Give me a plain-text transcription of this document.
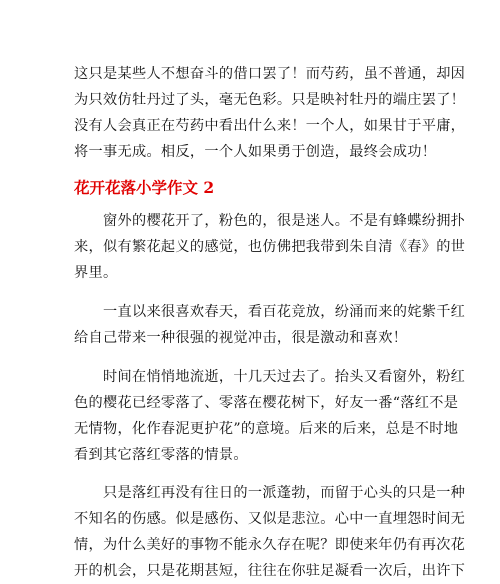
这只是某些人不想奋斗的借口罢了！而芍药，虽不普通，却因
为只效仿牡丹过了头，毫无色彩。只是映衬牡丹的端庄罢了！
没有人会真正在芍药中看出什么来！一个人，如果甘于平庸，
将一事无成。相反，一个人如果勇于创造，最终会成功！

花开花落小学作文 2

　　窗外的樱花开了，粉色的，很是迷人。不是有蜂蝶纷拥扑
来，似有繁花起义的感觉，也仿佛把我带到朱自清《春》的世
界里。

　　一直以来很喜欢春天，看百花竞放，纷涌而来的姹紫千红
给自己带来一种很强的视觉冲击，很是激动和喜欢！

　　时间在悄悄地流逝，十几天过去了。抬头又看窗外，粉红
色的樱花已经零落了、零落在樱花树下，好友一番“落红不是
无情物，化作春泥更护花”的意境。后来的后来，总是不时地
看到其它落红零落的情景。

　　只是落红再没有往日的一派蓬勃，而留于心头的只是一种
不知名的伤感。似是感伤、又似是悲泣。心中一直埋怨时间无
情，为什么美好的事物不能永久存在呢？即使来年仍有再次花
开的机会，只是花期甚短，往往在你驻足凝看一次后，出许下
